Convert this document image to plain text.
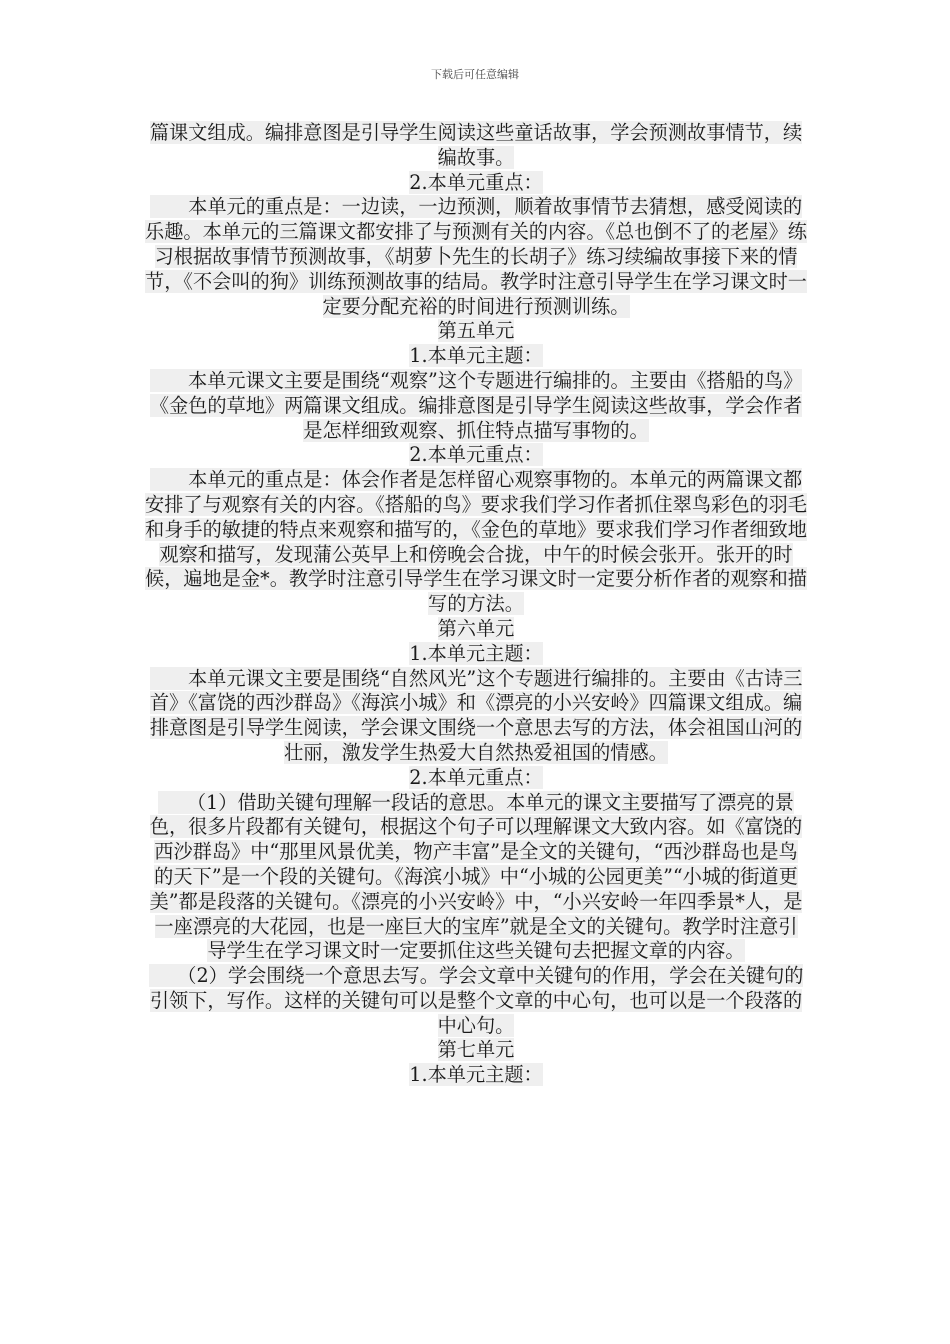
下载后可任意编辑

篇课文组成。编排意图是引导学生阅读这些童话故事，学会预测故事情节，续编故事。

2.本单元重点：

　　本单元的重点是：一边读，一边预测，顺着故事情节去猜想，感受阅读的乐趣。本单元的三篇课文都安排了与预测有关的内容。《总也倒不了的老屋》练习根据故事情节预测故事，《胡萝卜先生的长胡子》练习续编故事接下来的情节，《不会叫的狗》训练预测故事的结局。教学时注意引导学生在学习课文时一定要分配充裕的时间进行预测训练。

第五单元

1.本单元主题：

　　本单元课文主要是围绕“观察”这个专题进行编排的。主要由《搭船的鸟》《金色的草地》两篇课文组成。编排意图是引导学生阅读这些故事，学会作者是怎样细致观察、抓住特点描写事物的。

2.本单元重点：

　　本单元的重点是：体会作者是怎样留心观察事物的。本单元的两篇课文都安排了与观察有关的内容。《搭船的鸟》要求我们学习作者抓住翠鸟彩色的羽毛和身手的敏捷的特点来观察和描写的，《金色的草地》要求我们学习作者细致地观察和描写，发现蒲公英早上和傍晚会合拢，中午的时候会张开。张开的时候，遍地是金*。教学时注意引导学生在学习课文时一定要分析作者的观察和描写的方法。

第六单元

1.本单元主题：

　　本单元课文主要是围绕“自然风光”这个专题进行编排的。主要由《古诗三首》《富饶的西沙群岛》《海滨小城》和《漂亮的小兴安岭》四篇课文组成。编排意图是引导学生阅读，学会课文围绕一个意思去写的方法，体会祖国山河的壮丽，激发学生热爱大自然热爱祖国的情感。

2.本单元重点：

　　（1）借助关键句理解一段话的意思。本单元的课文主要描写了漂亮的景色，很多片段都有关键句，根据这个句子可以理解课文大致内容。如《富饶的西沙群岛》中“那里风景优美，物产丰富”是全文的关键句，“西沙群岛也是鸟的天下”是一个段的关键句。《海滨小城》中“小城的公园更美”“小城的街道更美”都是段落的关键句。《漂亮的小兴安岭》中，“小兴安岭一年四季景*人，是一座漂亮的大花园，也是一座巨大的宝库”就是全文的关键句。教学时注意引导学生在学习课文时一定要抓住这些关键句去把握文章的内容。

　　（2）学会围绕一个意思去写。学会文章中关键句的作用，学会在关键句的引领下，写作。这样的关键句可以是整个文章的中心句，也可以是一个段落的中心句。

第七单元

1.本单元主题：
